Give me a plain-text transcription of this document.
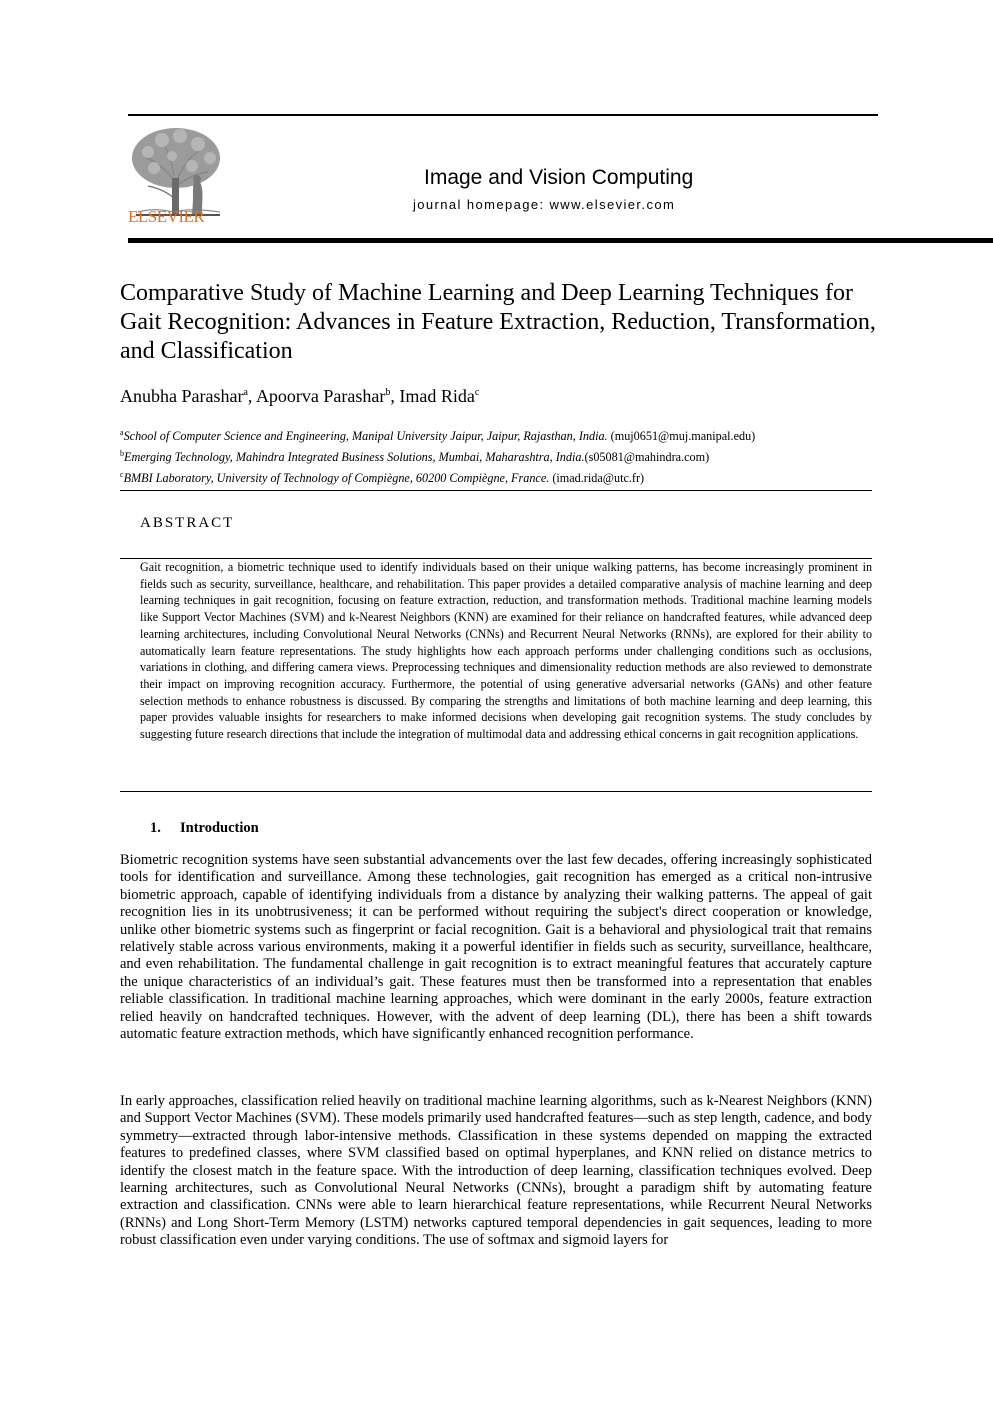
ELSEVIER
Image and Vision Computing
journal homepage: www.elsevier.com
Comparative Study of Machine Learning and Deep Learning Techniques for Gait Recognition: Advances in Feature Extraction, Reduction, Transformation, and Classification
Anubha Parashar$^a$, Apoorva Parashar$^b$, Imad Rida$^c$
$^a$School of Computer Science and Engineering, Manipal University Jaipur, Jaipur, Rajasthan, India. (muj0651@muj.manipal.edu)
$^b$Emerging Technology, Mahindra Integrated Business Solutions, Mumbai, Maharashtra, India.(s05081@mahindra.com)
$^c$BMBI Laboratory, University of Technology of Compiègne, 60200 Compiègne, France. (imad.rida@utc.fr)
ABSTRACT

Gait recognition, a biometric technique used to identify individuals based on their unique walking patterns, has become increasingly prominent in fields such as security, surveillance, healthcare, and rehabilitation. This paper provides a detailed comparative analysis of machine learning and deep learning techniques in gait recognition, focusing on feature extraction, reduction, and transformation methods. Traditional machine learning models like Support Vector Machines (SVM) and k-Nearest Neighbors (KNN) are examined for their reliance on handcrafted features, while advanced deep learning architectures, including Convolutional Neural Networks (CNNs) and Recurrent Neural Networks (RNNs), are explored for their ability to automatically learn feature representations. The study highlights how each approach performs under challenging conditions such as occlusions, variations in clothing, and differing camera views. Preprocessing techniques and dimensionality reduction methods are also reviewed to demonstrate their impact on improving recognition accuracy. Furthermore, the potential of using generative adversarial networks (GANs) and other feature selection methods to enhance robustness is discussed. By comparing the strengths and limitations of both machine learning and deep learning, this paper provides valuable insights for researchers to make informed decisions when developing gait recognition systems. The study concludes by suggesting future research directions that include the integration of multimodal data and addressing ethical concerns in gait recognition applications.

1. Introduction

Biometric recognition systems have seen substantial advancements over the last few decades, offering increasingly sophisticated tools for identification and surveillance. Among these technologies, gait recognition has emerged as a critical non-intrusive biometric approach, capable of identifying individuals from a distance by analyzing their walking patterns. The appeal of gait recognition lies in its unobtrusiveness; it can be performed without requiring the subject's direct cooperation or knowledge, unlike other biometric systems such as fingerprint or facial recognition. Gait is a behavioral and physiological trait that remains relatively stable across various environments, making it a powerful identifier in fields such as security, surveillance, healthcare, and even rehabilitation. The fundamental challenge in gait recognition is to extract meaningful features that accurately capture the unique characteristics of an individual’s gait. These features must then be transformed into a representation that enables reliable classification. In traditional machine learning approaches, which were dominant in the early 2000s, feature extraction relied heavily on handcrafted techniques. However, with the advent of deep learning (DL), there has been a shift towards automatic feature extraction methods, which have significantly enhanced recognition performance.

In early approaches, classification relied heavily on traditional machine learning algorithms, such as k-Nearest Neighbors (KNN) and Support Vector Machines (SVM). These models primarily used handcrafted features—such as step length, cadence, and body symmetry—extracted through labor-intensive methods. Classification in these systems depended on mapping the extracted features to predefined classes, where SVM classified based on optimal hyperplanes, and KNN relied on distance metrics to identify the closest match in the feature space. With the introduction of deep learning, classification techniques evolved. Deep learning architectures, such as Convolutional Neural Networks (CNNs), brought a paradigm shift by automating feature extraction and classification. CNNs were able to learn hierarchical feature representations, while Recurrent Neural Networks (RNNs) and Long Short-Term Memory (LSTM) networks captured temporal dependencies in gait sequences, leading to more robust classification even under varying conditions. The use of softmax and sigmoid layers for
